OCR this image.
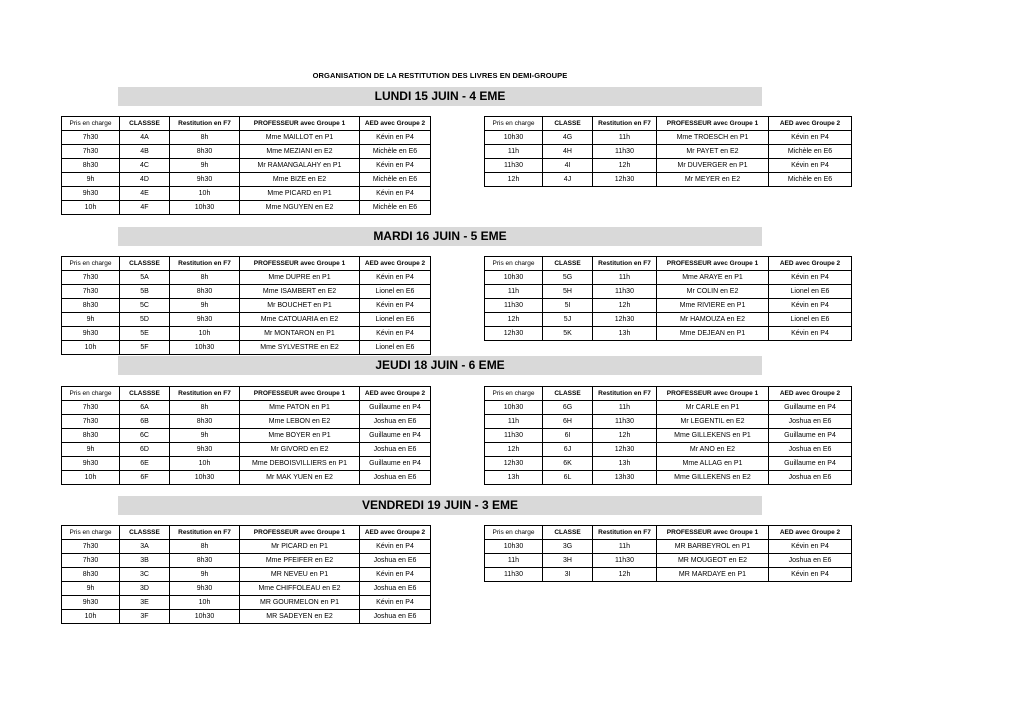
ORGANISATION DE LA RESTITUTION DES LIVRES EN DEMI-GROUPE
LUNDI 15 JUIN - 4 EME
Pris en charge	CLASSSE	Restitution en F7	PROFESSEUR avec Groupe 1	AED avec Groupe 2
7h30	4A	8h	Mme MAILLOT en P1	Kévin en P4
7h30	4B	8h30	Mme MEZIANI en E2	Michèle en E6
8h30	4C	9h	Mr RAMANGALAHY en P1	Kévin en P4
9h	4D	9h30	Mme BIZE en E2	Michèle en E6
9h30	4E	10h	Mme PICARD en P1	Kévin en P4
10h	4F	10h30	Mme NGUYEN en E2	Michèle en E6
Pris en charge	CLASSE	Restitution en F7	PROFESSEUR avec Groupe 1	AED avec Groupe 2
10h30	4G	11h	Mme TROESCH en P1	Kévin en P4
11h	4H	11h30	Mr PAYET en E2	Michèle en E6
11h30	4I	12h	Mr DUVERGER en P1	Kévin en P4
12h	4J	12h30	Mr MEYER en E2	Michèle en E6
MARDI 16 JUIN - 5 EME
Pris en charge	CLASSSE	Restitution en F7	PROFESSEUR avec Groupe 1	AED avec Groupe 2
7h30	5A	8h	Mme DUPRE en P1	Kévin en P4
7h30	5B	8h30	Mme ISAMBERT en E2	Lionel en E6
8h30	5C	9h	Mr BOUCHET en P1	Kévin en P4
9h	5D	9h30	Mme CATOUARIA en E2	Lionel en E6
9h30	5E	10h	Mr MONTARON en P1	Kévin en P4
10h	5F	10h30	Mme SYLVESTRE en E2	Lionel en E6
Pris en charge	CLASSE	Restitution en F7	PROFESSEUR avec Groupe 1	AED avec Groupe 2
10h30	5G	11h	Mme ARAYE en P1	Kévin en P4
11h	5H	11h30	Mr COLIN en E2	Lionel en E6
11h30	5I	12h	Mme RIVIERE en P1	Kévin en P4
12h	5J	12h30	Mr HAMOUZA en E2	Lionel en E6
12h30	5K	13h	Mme DEJEAN en P1	Kévin en P4
JEUDI 18 JUIN - 6 EME
Pris en charge	CLASSSE	Restitution en F7	PROFESSEUR avec Groupe 1	AED avec Groupe 2
7h30	6A	8h	Mme PATON en P1	Guillaume en P4
7h30	6B	8h30	Mme LEBON en E2	Joshua en E6
8h30	6C	9h	Mme BOYER en P1	Guillaume en P4
9h	6D	9h30	Mr GIVORD en E2	Joshua en E6
9h30	6E	10h	Mme DEBOISVILLIERS en P1	Guillaume en P4
10h	6F	10h30	Mr MAK YUEN en E2	Joshua en E6
Pris en charge	CLASSE	Restitution en F7	PROFESSEUR avec Groupe 1	AED avec Groupe 2
10h30	6G	11h	Mr CARLE en P1	Guillaume en P4
11h	6H	11h30	Mr LEGENTIL en E2	Joshua en E6
11h30	6I	12h	Mme GILLEKENS en P1	Guillaume en P4
12h	6J	12h30	Mr ANO en E2	Joshua en E6
12h30	6K	13h	Mme ALLAG en P1	Guillaume en P4
13h	6L	13h30	Mme GILLEKENS en E2	Joshua en E6
VENDREDI 19 JUIN - 3 EME
Pris en charge	CLASSSE	Restitution en F7	PROFESSEUR avec Groupe 1	AED avec Groupe 2
7h30	3A	8h	Mr PICARD en P1	Kévin en P4
7h30	3B	8h30	Mme PFEIFER en E2	Joshua en E6
8h30	3C	9h	MR NEVEU en P1	Kévin en P4
9h	3D	9h30	Mme CHIFFOLEAU en E2	Joshua en E6
9h30	3E	10h	MR GOURMELON en P1	Kévin en P4
10h	3F	10h30	MR SADEYEN en E2	Joshua en E6
Pris en charge	CLASSE	Restitution en F7	PROFESSEUR avec Groupe 1	AED avec Groupe 2
10h30	3G	11h	MR BARBEYROL en P1	Kévin en P4
11h	3H	11h30	MR MOUGEOT en E2	Joshua en E6
11h30	3I	12h	MR MARDAYE en P1	Kévin en P4
